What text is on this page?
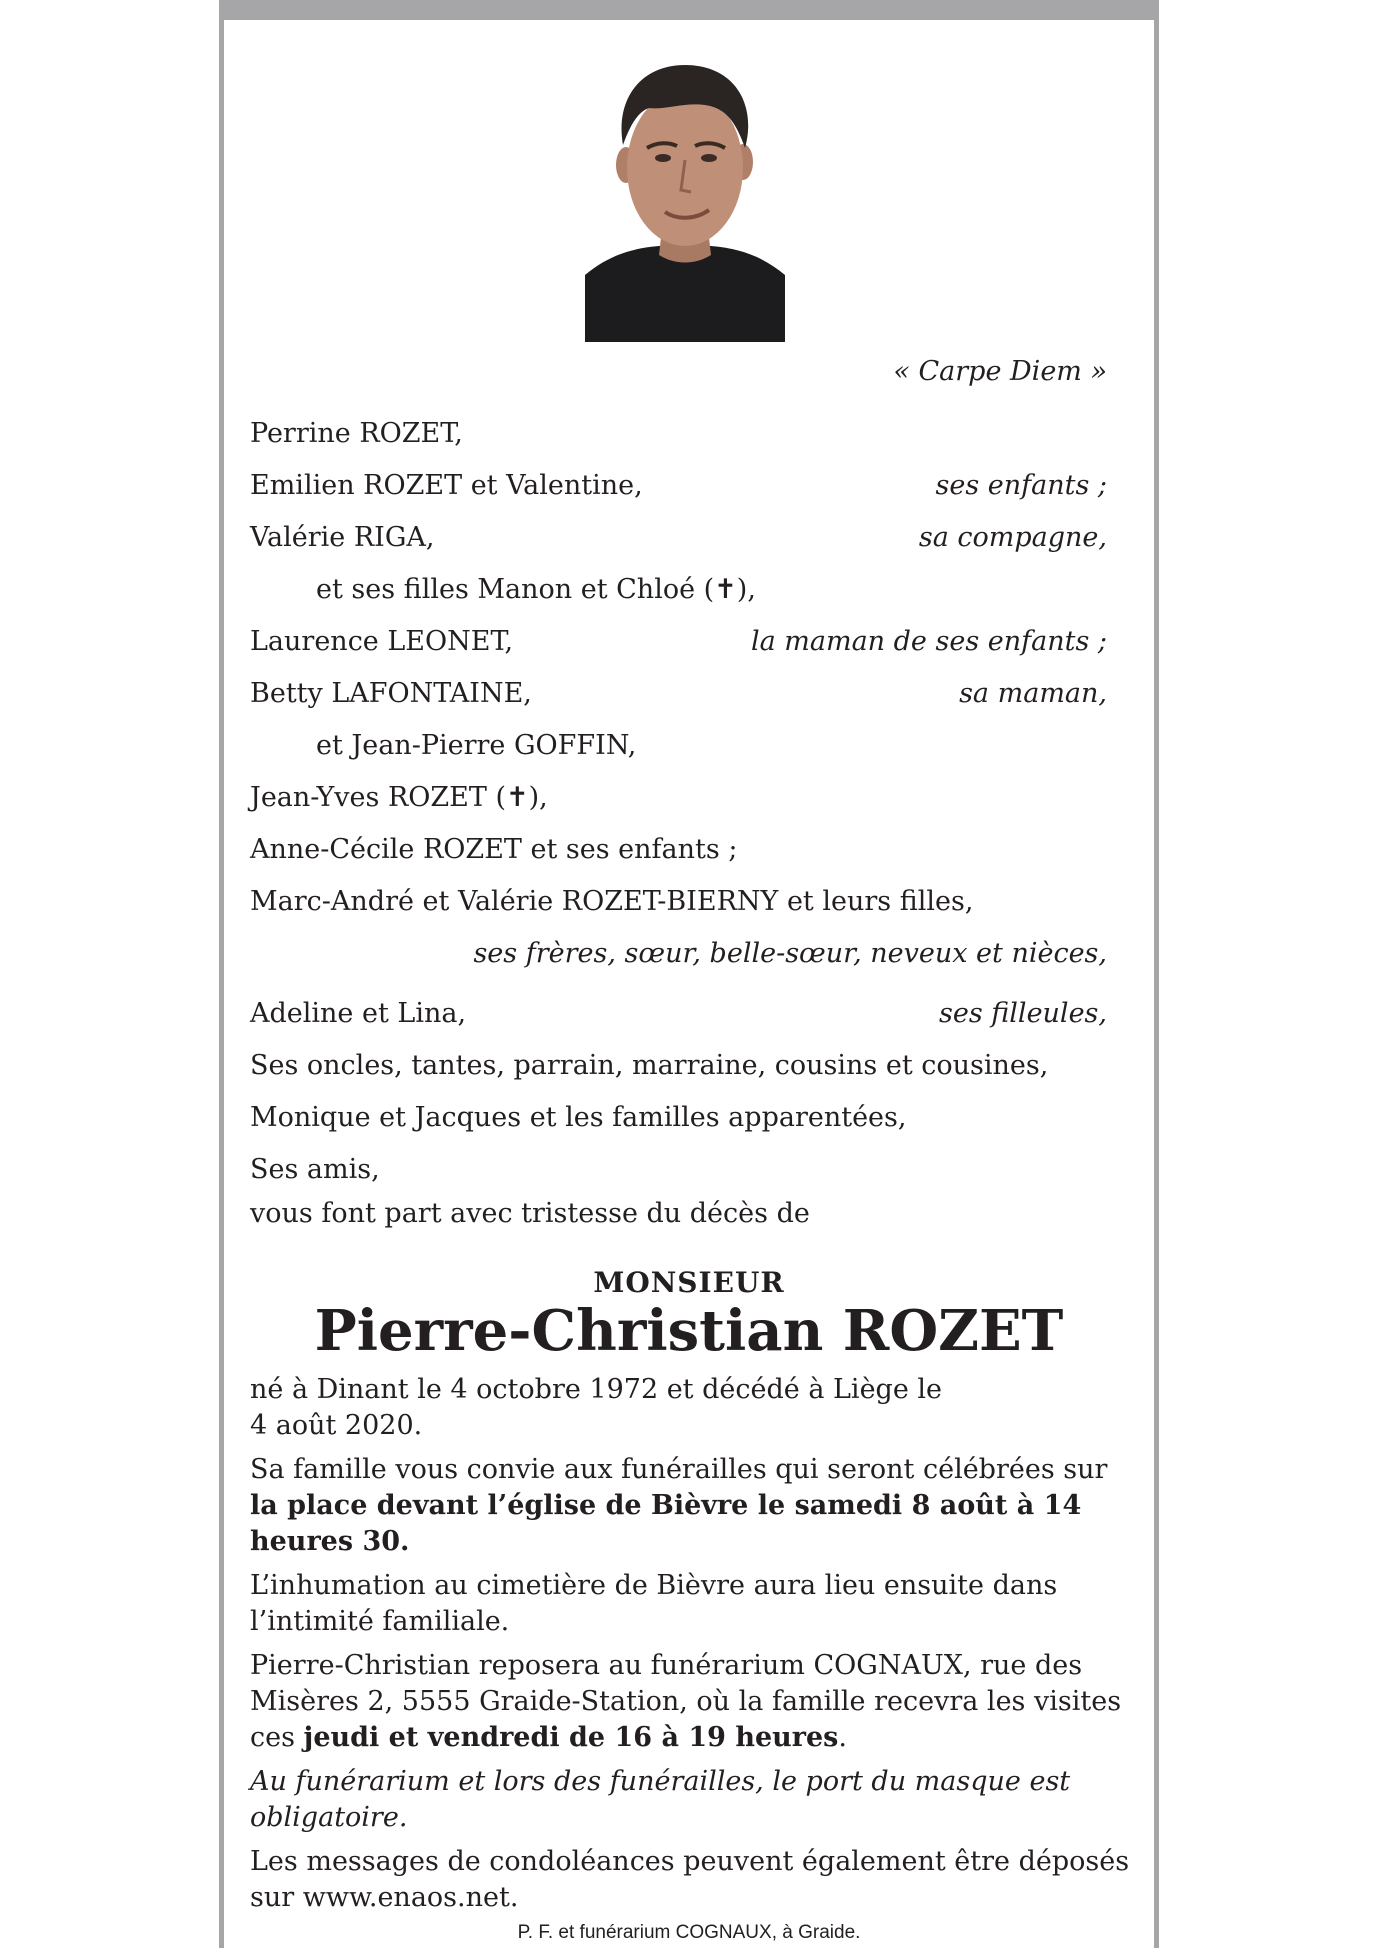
« Carpe Diem »
Perrine ROZET,
Emilien ROZET et Valentine,	ses enfants ;
Valérie RIGA,	sa compagne,
et ses filles Manon et Chloé (✝),
Laurence LEONET,	la maman de ses enfants ;
Betty LAFONTAINE,	sa maman,
et Jean-Pierre GOFFIN,
Jean-Yves ROZET (✝),
Anne-Cécile ROZET et ses enfants ;
Marc-André et Valérie ROZET-BIERNY et leurs filles,
ses frères, sœur, belle-sœur, neveux et nièces,
Adeline et Lina,	ses filleules,
Ses oncles, tantes, parrain, marraine, cousins et cousines,
Monique et Jacques et les familles apparentées,
Ses amis,
vous font part avec tristesse du décès de
MONSIEUR
Pierre-Christian ROZET
né à Dinant le 4 octobre 1972 et décédé à Liège le
4 août 2020.
Sa famille vous convie aux funérailles qui seront célébrées sur la place devant l’église de Bièvre le samedi 8 août à 14 heures 30.
L’inhumation au cimetière de Bièvre aura lieu ensuite dans l’intimité familiale.
Pierre-Christian reposera au funérarium COGNAUX, rue des Misères 2, 5555 Graide-Station, où la famille recevra les visites ces jeudi et vendredi de 16 à 19 heures.
Au funérarium et lors des funérailles, le port du masque est obligatoire.
Les messages de condoléances peuvent également être déposés sur www.enaos.net.
P. F. et funérarium COGNAUX, à Graide.
